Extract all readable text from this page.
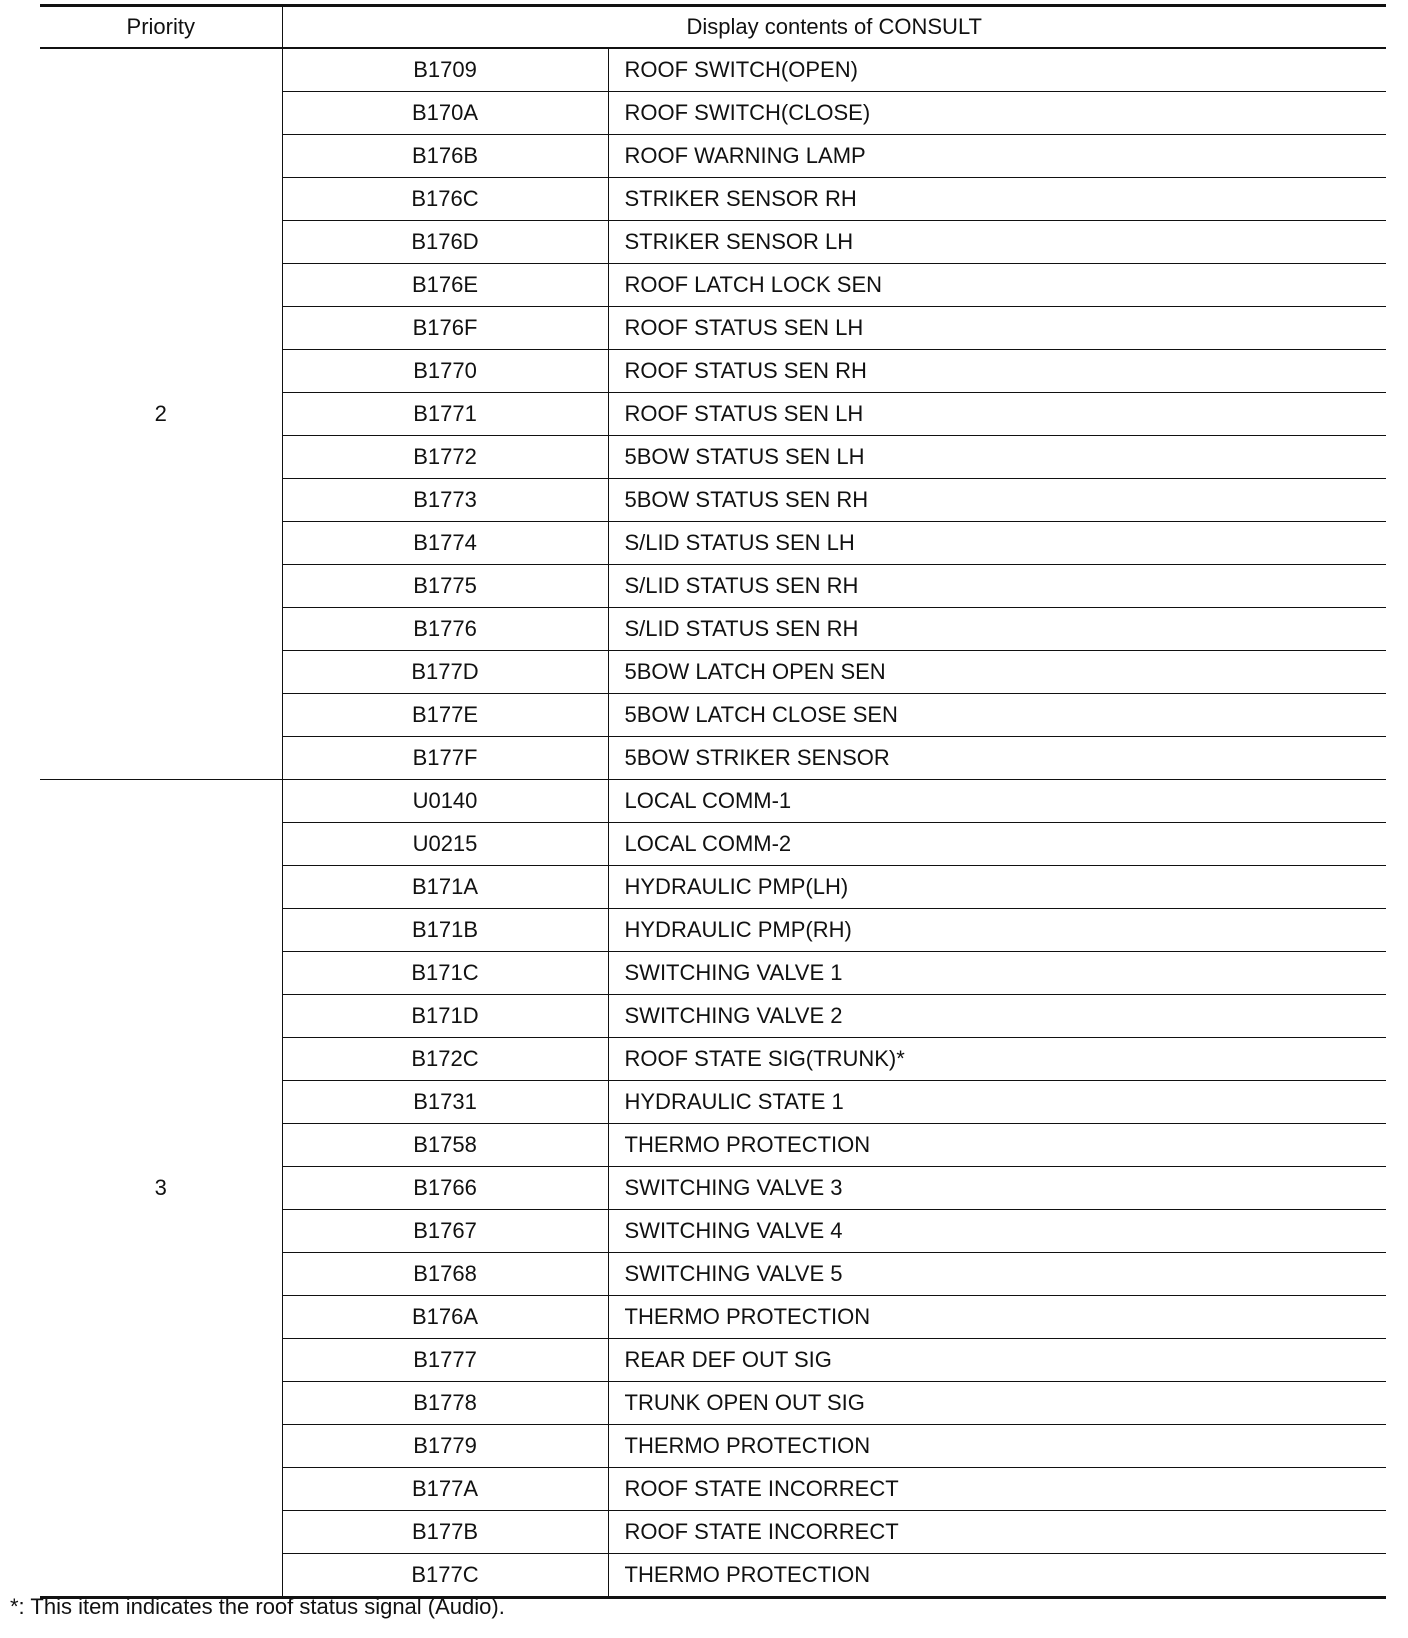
Priority	Display contents of CONSULT	
2	B1709	ROOF SWITCH(OPEN)
	B170A	ROOF SWITCH(CLOSE)
	B176B	ROOF WARNING LAMP
	B176C	STRIKER SENSOR RH
	B176D	STRIKER SENSOR LH
	B176E	ROOF LATCH LOCK SEN
	B176F	ROOF STATUS SEN LH
	B1770	ROOF STATUS SEN RH
	B1771	ROOF STATUS SEN LH
	B1772	5BOW STATUS SEN LH
	B1773	5BOW STATUS SEN RH
	B1774	S/LID STATUS SEN LH
	B1775	S/LID STATUS SEN RH
	B1776	S/LID STATUS SEN RH
	B177D	5BOW LATCH OPEN SEN
	B177E	5BOW LATCH CLOSE SEN
	B177F	5BOW STRIKER SENSOR
3	U0140	LOCAL COMM-1
	U0215	LOCAL COMM-2
	B171A	HYDRAULIC PMP(LH)
	B171B	HYDRAULIC PMP(RH)
	B171C	SWITCHING VALVE 1
	B171D	SWITCHING VALVE 2
	B172C	ROOF STATE SIG(TRUNK)*
	B1731	HYDRAULIC STATE 1
	B1758	THERMO PROTECTION
	B1766	SWITCHING VALVE 3
	B1767	SWITCHING VALVE 4
	B1768	SWITCHING VALVE 5
	B176A	THERMO PROTECTION
	B1777	REAR DEF OUT SIG
	B1778	TRUNK OPEN OUT SIG
	B1779	THERMO PROTECTION
	B177A	ROOF STATE INCORRECT
	B177B	ROOF STATE INCORRECT
	B177C	THERMO PROTECTION
*: This item indicates the roof status signal (Audio).
